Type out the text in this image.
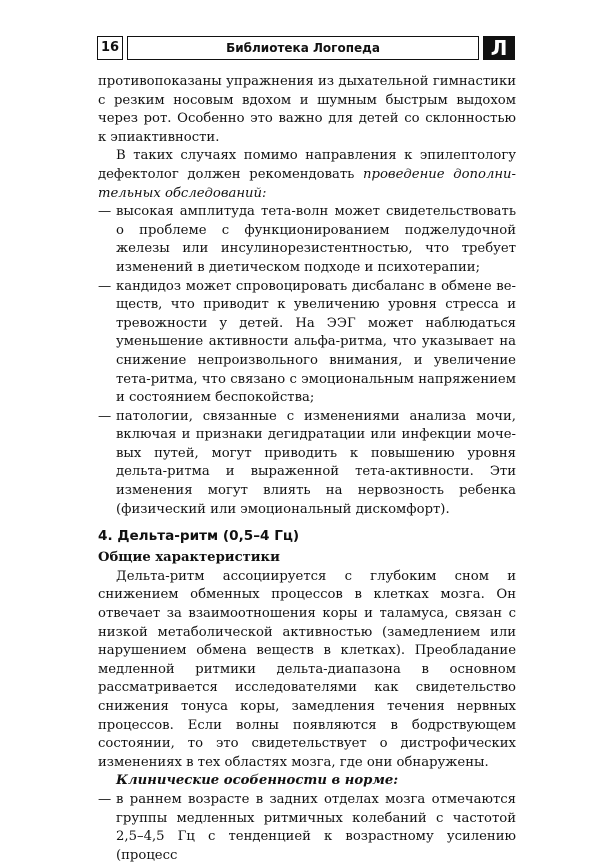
16	Библиотека Логопеда	Л

противопоказаны упражнения из дыхательной гимнастики с резким носовым вдохом и шумным быстрым выдохом через рот. Особенно это важно для детей со склонностью к эпиактивности.

В таких случаях помимо направления к эпилептологу дефектолог должен рекомендовать проведение дополнительных обследований:

— высокая амплитуда тета-волн может свидетельствовать о проблеме с функционированием поджелудочной железы или инсулинорезистентностью, что требует изменений в диетическом подходе и психотерапии;
— кандидоз может спровоцировать дисбаланс в обмене веществ, что приводит к увеличению уровня стресса и тревожности у детей. На ЭЭГ может наблюдаться уменьшение активности альфа-ритма, что указывает на снижение непроизвольного внимания, и увеличение тета-ритма, что связано с эмоциональным напряжением и состоянием беспокойства;
— патологии, связанные с изменениями анализа мочи, включая и признаки дегидратации или инфекции мочевых путей, могут приводить к повышению уровня дельта-ритма и выраженной тета-активности. Эти изменения могут влиять на нервозность ребенка (физический или эмоциональный дискомфорт).
4. Дельта-ритм (0,5–4 Гц)
Общие характеристики

Дельта-ритм ассоциируется с глубоким сном и снижением обменных процессов в клетках мозга. Он отвечает за взаимоотношения коры и таламуса, связан с низкой метаболической активностью (замедлением или нарушением обмена веществ в клетках). Преобладание медленной ритмики дельта-диапазона в основном рассматривается исследователями как свидетельство снижения тонуса коры, замедления течения нервных процессов. Если волны появляются в бодрствующем состоянии, то это свидетельствует о дистрофических изменениях в тех областях мозга, где они обнаружены.

Клинические особенности в норме:
— в раннем возрасте в задних отделах мозга отмечаются группы медленных ритмичных колебаний с частотой 2,5–4,5 Гц с тенденцией к возрастному усилению (процесс
